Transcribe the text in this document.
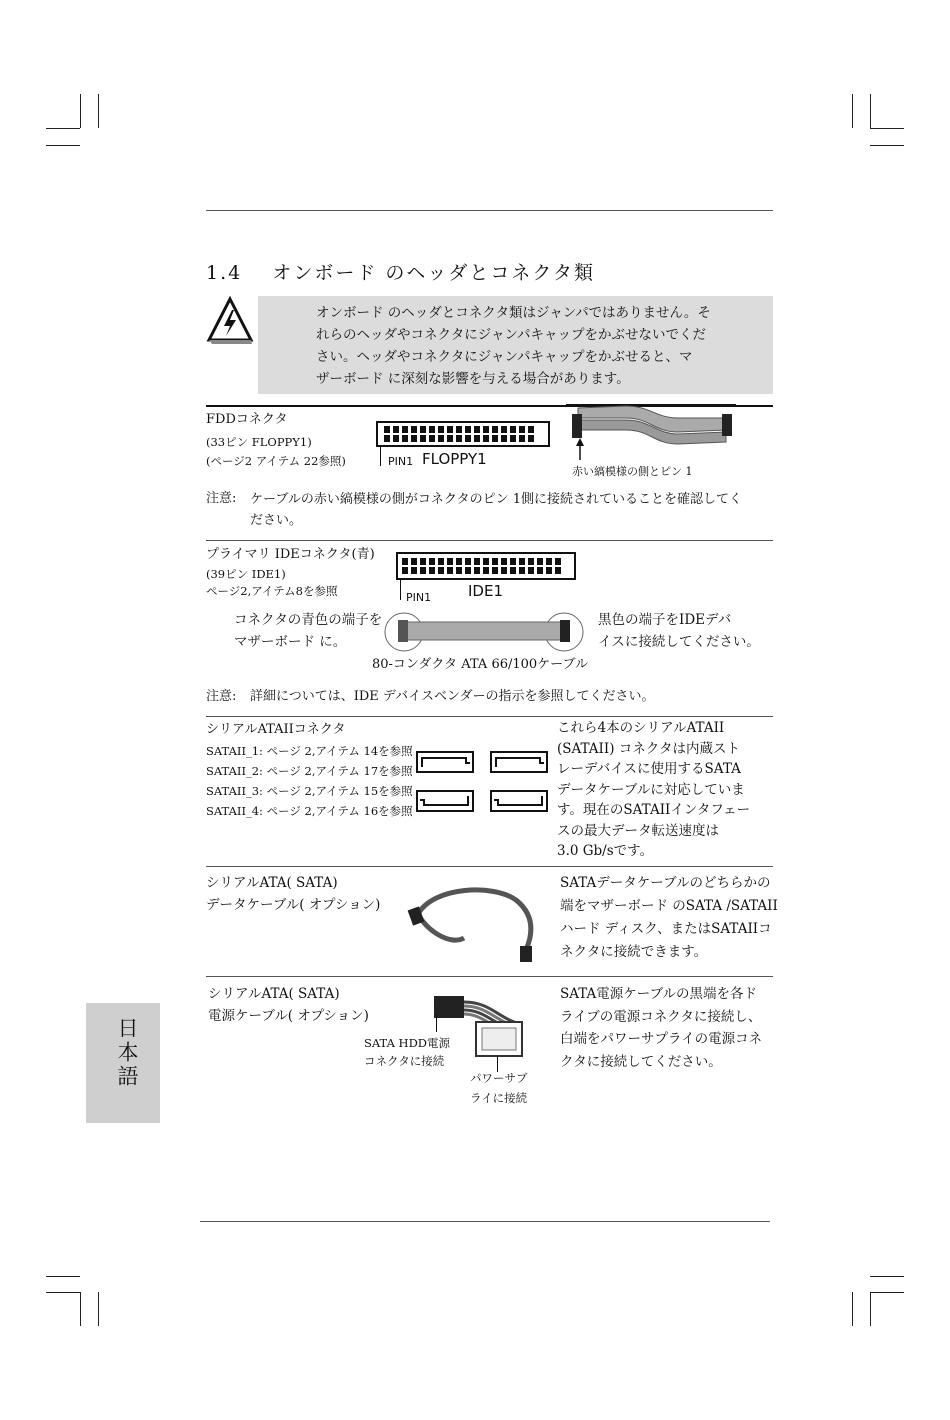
1.4 オンボード のヘッダとコネクタ類
オンボード のヘッダとコネクタ類はジャンパではありません。そ
れらのヘッダやコネクタにジャンパキャップをかぶせないでくだ
さい。ヘッダやコネクタにジャンパキャップをかぶせると、マ
ザーボード に深刻な影響を与える場合があります。
FDDコネクタ
(33ピン FLOPPY1)
(ページ2 アイテム 22参照)	PIN1 FLOPPY1
赤い縞模様の側とピン 1
注意: ケーブルの赤い縞模様の側がコネクタのピン 1側に接続されていることを確認してく
ださい。
プライマリ IDEコネクタ(青)
(39ピン IDE1)
ページ2,アイテム8を参照	PIN1 IDE1
コネクタの青色の端子を
マザーボード に。
黒色の端子をIDEデバ
イスに接続してください。
80-コンダクタ ATA 66/100ケーブル
注意: 詳細については、IDE デバイスベンダーの指示を参照してください。
シリアルATAIIコネクタ
SATAII_1: ページ 2,アイテム 14を参照
SATAII_2: ページ 2,アイテム 17を参照
SATAII_3: ページ 2,アイテム 15を参照
SATAII_4: ページ 2,アイテム 16を参照
これら4本のシリアルATAII
(SATAII) コネクタは内蔵スト
レーデバイスに使用するSATA
データケーブルに対応していま
す。現在のSATAIIインタフェー
スの最大データ転送速度は
3.0 Gb/sです。
シリアルATA( SATA)
データケーブル( オプション)
SATAデータケーブルのどちらかの
端をマザーボード のSATA /SATAII
ハード ディスク、またはSATAIIコ
ネクタに接続できます。
シリアルATA( SATA)
電源ケーブル( オプション)
SATA HDD電源
コネクタに接続
パワーサブ
ライに接続
SATA電源ケーブルの黒端を各ド
ライブの電源コネクタに接続し、
白端をパワーサプライの電源コネ
クタに接続してください。
日本語
